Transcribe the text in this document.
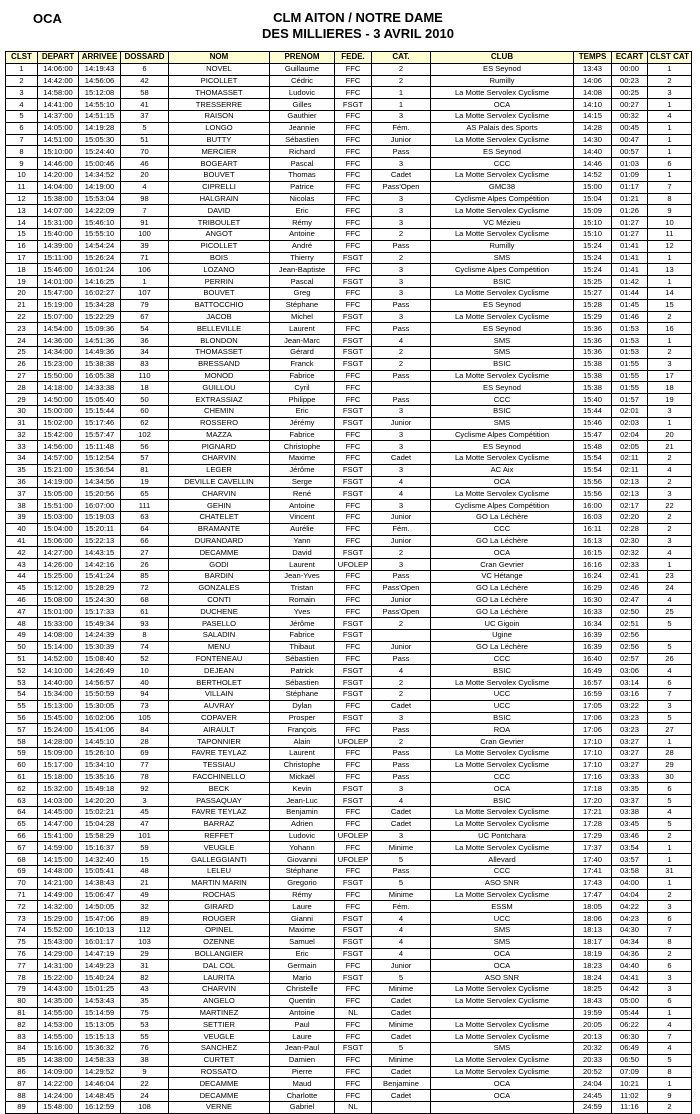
OCA	CLM AITON / NOTRE DAME
DES MILLIERES - 3 AVRIL 2010
CLST	DEPART	ARRIVEE	DOSSARD	NOM	PRENOM	FEDE.	CAT.	CLUB	TEMPS	ECART	CLST CAT
1	14:06:00	14:19:43	6	NOVEL	Guillaume	FFC	2	ES Seynod	13:43	00:00	1
2	14:42:00	14:56:06	42	PICOLLET	Cédric	FFC	2	Rumilly	14:06	00:23	2
3	14:58:00	15:12:08	58	THOMASSET	Ludovic	FFC	1	La Motte Servolex Cyclisme	14:08	00:25	3
4	14:41:00	14:55:10	41	TRESSERRE	Gilles	FSGT	1	OCA	14:10	00:27	1
5	14:37:00	14:51:15	37	RAISON	Gauthier	FFC	3	La Motte Servolex Cyclisme	14:15	00:32	4
6	14:05:00	14:19:28	5	LONGO	Jeannie	FFC	Fém.	AS Palais des Sports	14:28	00:45	1
7	14:51:00	15:05:30	51	BUTTY	Sébastien	FFC	Junior	La Motte Servolex Cyclisme	14:30	00:47	1
8	15:10:00	15:24:40	70	MERCIER	Richard	FFC	Pass	ES Seynod	14:40	00:57	1
9	14:46:00	15:00:46	46	BOGEART	Pascal	FFC	3	CCC	14:46	01:03	6
10	14:20:00	14:34:52	20	BOUVET	Thomas	FFC	Cadet	La Motte Servolex Cyclisme	14:52	01:09	1
11	14:04:00	14:19:00	4	CIPRELLI	Patrice	FFC	Pass'Open	GMC38	15:00	01:17	7
12	15:38:00	15:53:04	98	HALGRAIN	Nicolas	FFC	3	Cyclisme Alpes Compétition	15:04	01:21	8
13	14:07:00	14:22:09	7	DAVID	Eric	FFC	3	La Motte Servolex Cyclisme	15:09	01:26	9
14	15:31:00	15:46:10	91	TRIBOULET	Rémy	FFC	3	VC Mézieu	15:10	01:27	10
15	15:40:00	15:55:10	100	ANGOT	Antoine	FFC	2	La Motte Servolex Cyclisme	15:10	01:27	11
16	14:39:00	14:54:24	39	PICOLLET	André	FFC	Pass	Rumilly	15:24	01:41	12
17	15:11:00	15:26:24	71	BOIS	Thierry	FSGT	2	SMS	15:24	01:41	1
18	15:46:00	16:01:24	106	LOZANO	Jean-Baptiste	FFC	3	Cyclisme Alpes Compétition	15:24	01:41	13
19	14:01:00	14:16:25	1	PERRIN	Pascal	FSGT	3	BSIC	15:25	01:42	1
20	15:47:00	16:02:27	107	BOUVET	Greg	FFC	3	La Motte Servolex Cyclisme	15:27	01:44	14
21	15:19:00	15:34:28	79	BATTOCCHIO	Stéphane	FFC	Pass	ES Seynod	15:28	01:45	15
22	15:07:00	15:22:29	67	JACOB	Michel	FSGT	3	La Motte Servolex Cyclisme	15:29	01:46	2
23	14:54:00	15:09:36	54	BELLEVILLE	Laurent	FFC	Pass	ES Seynod	15:36	01:53	16
24	14:36:00	14:51:36	36	BLONDON	Jean-Marc	FSGT	4	SMS	15:36	01:53	1
25	14:34:00	14:49:36	34	THOMASSET	Gérard	FSGT	2	SMS	15:36	01:53	2
26	15:23:00	15:38:38	83	BRESSAND	Franck	FSGT	2	BSIC	15:38	01:55	3
27	15:50:00	16:05:38	110	MONOD	Fabrice	FFC	Pass	La Motte Servolex Cyclisme	15:38	01:55	17
28	14:18:00	14:33:38	18	GUILLOU	Cyril	FFC		ES Seynod	15:38	01:55	18
29	14:50:00	15:05:40	50	EXTRASSIAZ	Philippe	FFC	Pass	CCC	15:40	01:57	19
30	15:00:00	15:15:44	60	CHEMIN	Eric	FSGT	3	BSIC	15:44	02:01	3
31	15:02:00	15:17:46	62	ROSSERO	Jérémy	FSGT	Junior	SMS	15:46	02:03	1
32	15:42:00	15:57:47	102	MAZZA	Fabrice	FFC	3	Cyclisme Alpes Compétition	15:47	02:04	20
33	14:56:00	15:11:48	56	PIGNARD	Christophe	FFC	3	ES Seynod	15:48	02:05	21
34	14:57:00	15:12:54	57	CHARVIN	Maxime	FFC	Cadet	La Motte Servolex Cyclisme	15:54	02:11	2
35	15:21:00	15:36:54	81	LEGER	Jérôme	FSGT	3	AC Aix	15:54	02:11	4
36	14:19:00	14:34:56	19	DEVILLE CAVELLIN	Serge	FSGT	4	OCA	15:56	02:13	2
37	15:05:00	15:20:56	65	CHARVIN	René	FSGT	4	La Motte Servolex Cyclisme	15:56	02:13	3
38	15:51:00	16:07:00	111	GEHIN	Antoine	FFC	3	Cyclisme Alpes Compétition	16:00	02:17	22
39	15:03:00	15:19:03	63	CHATELET	Vincent	FFC	Junior	GO La Léchère	16:03	02:20	2
40	15:04:00	15:20:11	64	BRAMANTE	Aurélie	FFC	Fém.	CCC	16:11	02:28	2
41	15:06:00	15:22:13	66	DURANDARD	Yann	FFC	Junior	GO La Léchère	16:13	02:30	3
42	14:27:00	14:43:15	27	DECAMME	David	FSGT	2	OCA	16:15	02:32	4
43	14:26:00	14:42:16	26	GODI	Laurent	UFOLEP	3	Cran Gevrier	16:16	02:33	1
44	15:25:00	15:41:24	85	BARDIN	Jean-Yves	FFC	Pass	VC Hétange	16:24	02:41	23
45	15:12:00	15:28:29	72	GONZALES	Tristan	FFC	Pass'Open	GO La Léchère	16:29	02:46	24
46	15:08:00	15:24:30	68	CONTI	Romain	FFC	Junior	GO La Léchère	16:30	02:47	4
47	15:01:00	15:17:33	61	DUCHENE	Yves	FFC	Pass'Open	GO La Léchère	16:33	02:50	25
48	15:33:00	15:49:34	93	PASELLO	Jérôme	FSGT	2	UC Gigoin	16:34	02:51	5
49	14:08:00	14:24:39	8	SALADIN	Fabrice	FSGT		Ugine	16:39	02:56	
50	15:14:00	15:30:39	74	MENU	Thibaut	FFC	Junior	GO La Léchère	16:39	02:56	5
51	14:52:00	15:08:40	52	FONTENEAU	Sébastien	FFC	Pass	CCC	16:40	02:57	26
52	14:10:00	14:26:49	10	DEJEAN	Patrick	FSGT	4	BSIC	16:49	03:06	4
53	14:40:00	14:56:57	40	BERTHOLET	Sébastien	FSGT	2	La Motte Servolex Cyclisme	16:57	03:14	6
54	15:34:00	15:50:59	94	VILLAIN	Stéphane	FSGT	2	UCC	16:59	03:16	7
55	15:13:00	15:30:05	73	AUVRAY	Dylan	FFC	Cadet	UCC	17:05	03:22	3
56	15:45:00	16:02:06	105	COPAVER	Prosper	FSGT	3	BSIC	17:06	03:23	5
57	15:24:00	15:41:06	84	AIRAULT	François	FFC	Pass	ROA	17:06	03:23	27
58	14:28:00	14:45:10	28	TAPONNIER	Alain	UFOLEP	2	Cran Gevrier	17:10	03:27	1
59	15:09:00	15:26:10	69	FAVRE TEYLAZ	Laurent	FFC	Pass	La Motte Servolex Cyclisme	17:10	03:27	28
60	15:17:00	15:34:10	77	TESSIAU	Christophe	FFC	Pass	La Motte Servolex Cyclisme	17:10	03:27	29
61	15:18:00	15:35:16	78	FACCHINELLO	Mickaël	FFC	Pass	CCC	17:16	03:33	30
62	15:32:00	15:49:18	92	BECK	Kevin	FSGT	3	OCA	17:18	03:35	6
63	14:03:00	14:20:20	3	PASSAQUAY	Jean-Luc	FSGT	4	BSIC	17:20	03:37	5
64	14:45:00	15:02:21	45	FAVRE TEYLAZ	Benjamin	FFC	Cadet	La Motte Servolex Cyclisme	17:21	03:38	4
65	14:47:00	15:04:28	47	BARRAZ	Adrien	FFC	Cadet	La Motte Servolex Cyclisme	17:28	03:45	5
66	15:41:00	15:58:29	101	REFFET	Ludovic	UFOLEP	3	UC Pontchara	17:29	03:46	2
67	14:59:00	15:16:37	59	VEUGLE	Yohann	FFC	Minime	La Motte Servolex Cyclisme	17:37	03:54	1
68	14:15:00	14:32:40	15	GALLEGGIANTI	Giovanni	UFOLEP	5	Allevard	17:40	03:57	1
69	14:48:00	15:05:41	48	LELEU	Stéphane	FFC	Pass	CCC	17:41	03:58	31
70	14:21:00	14:38:43	21	MARTIN MARIN	Gregorio	FSGT	5	ASO SNR	17:43	04:00	1
71	14:49:00	15:06:47	49	ROCHAS	Rémy	FFC	Minime	La Motte Servolex Cyclisme	17:47	04:04	2
72	14:32:00	14:50:05	32	GIRARD	Laure	FFC	Fém.	ESSM	18:05	04:22	3
73	15:29:00	15:47:06	89	ROUGER	Gianni	FSGT	4	UCC	18:06	04:23	6
74	15:52:00	16:10:13	112	OPINEL	Maxime	FSGT	4	SMS	18:13	04:30	7
75	15:43:00	16:01:17	103	OZENNE	Samuel	FSGT	4	SMS	18:17	04:34	8
76	14:29:00	14:47:19	29	BOLLANGIER	Eric	FSGT	4	OCA	18:19	04:36	2
77	14:31:00	14:49:23	31	DAL COL	Germain	FFC	Junior	OCA	18:23	04:40	6
78	15:22:00	15:40:24	82	LAURITA	Mario	FSGT	5	ASO SNR	18:24	04:41	3
79	14:43:00	15:01:25	43	CHARVIN	Christelle	FFC	Minime	La Motte Servolex Cyclisme	18:25	04:42	3
80	14:35:00	14:53:43	35	ANGELO	Quentin	FFC	Cadet	La Motte Servolex Cyclisme	18:43	05:00	6
81	14:55:00	15:14:59	75	MARTINEZ	Antoine	NL	Cadet		19:59	05:44	1
82	14:53:00	15:13:05	53	SETTIER	Paul	FFC	Minime	La Motte Servolex Cyclisme	20:05	06:22	4
83	14:55:00	15:15:13	55	VEUGLE	Laure	FFC	Cadet	La Motte Servolex Cyclisme	20:13	06:30	7
84	15:16:00	15:36:32	76	SANCHEZ	Jean-Paul	FSGT	5	SMS	20:32	06:49	4
85	14:38:00	14:58:33	38	CURTET	Damien	FFC	Minime	La Motte Servolex Cyclisme	20:33	06:50	5
86	14:09:00	14:29:52	9	ROSSATO	Pierre	FFC	Cadet	La Motte Servolex Cyclisme	20:52	07:09	8
87	14:22:00	14:46:04	22	DECAMME	Maud	FFC	Benjamine	OCA	24:04	10:21	1
88	14:24:00	14:48:45	24	DECAMME	Charlotte	FFC	Cadet	OCA	24:45	11:02	9
89	15:48:00	16:12:59	108	VERNE	Gabriel	NL			24:59	11:16	2
